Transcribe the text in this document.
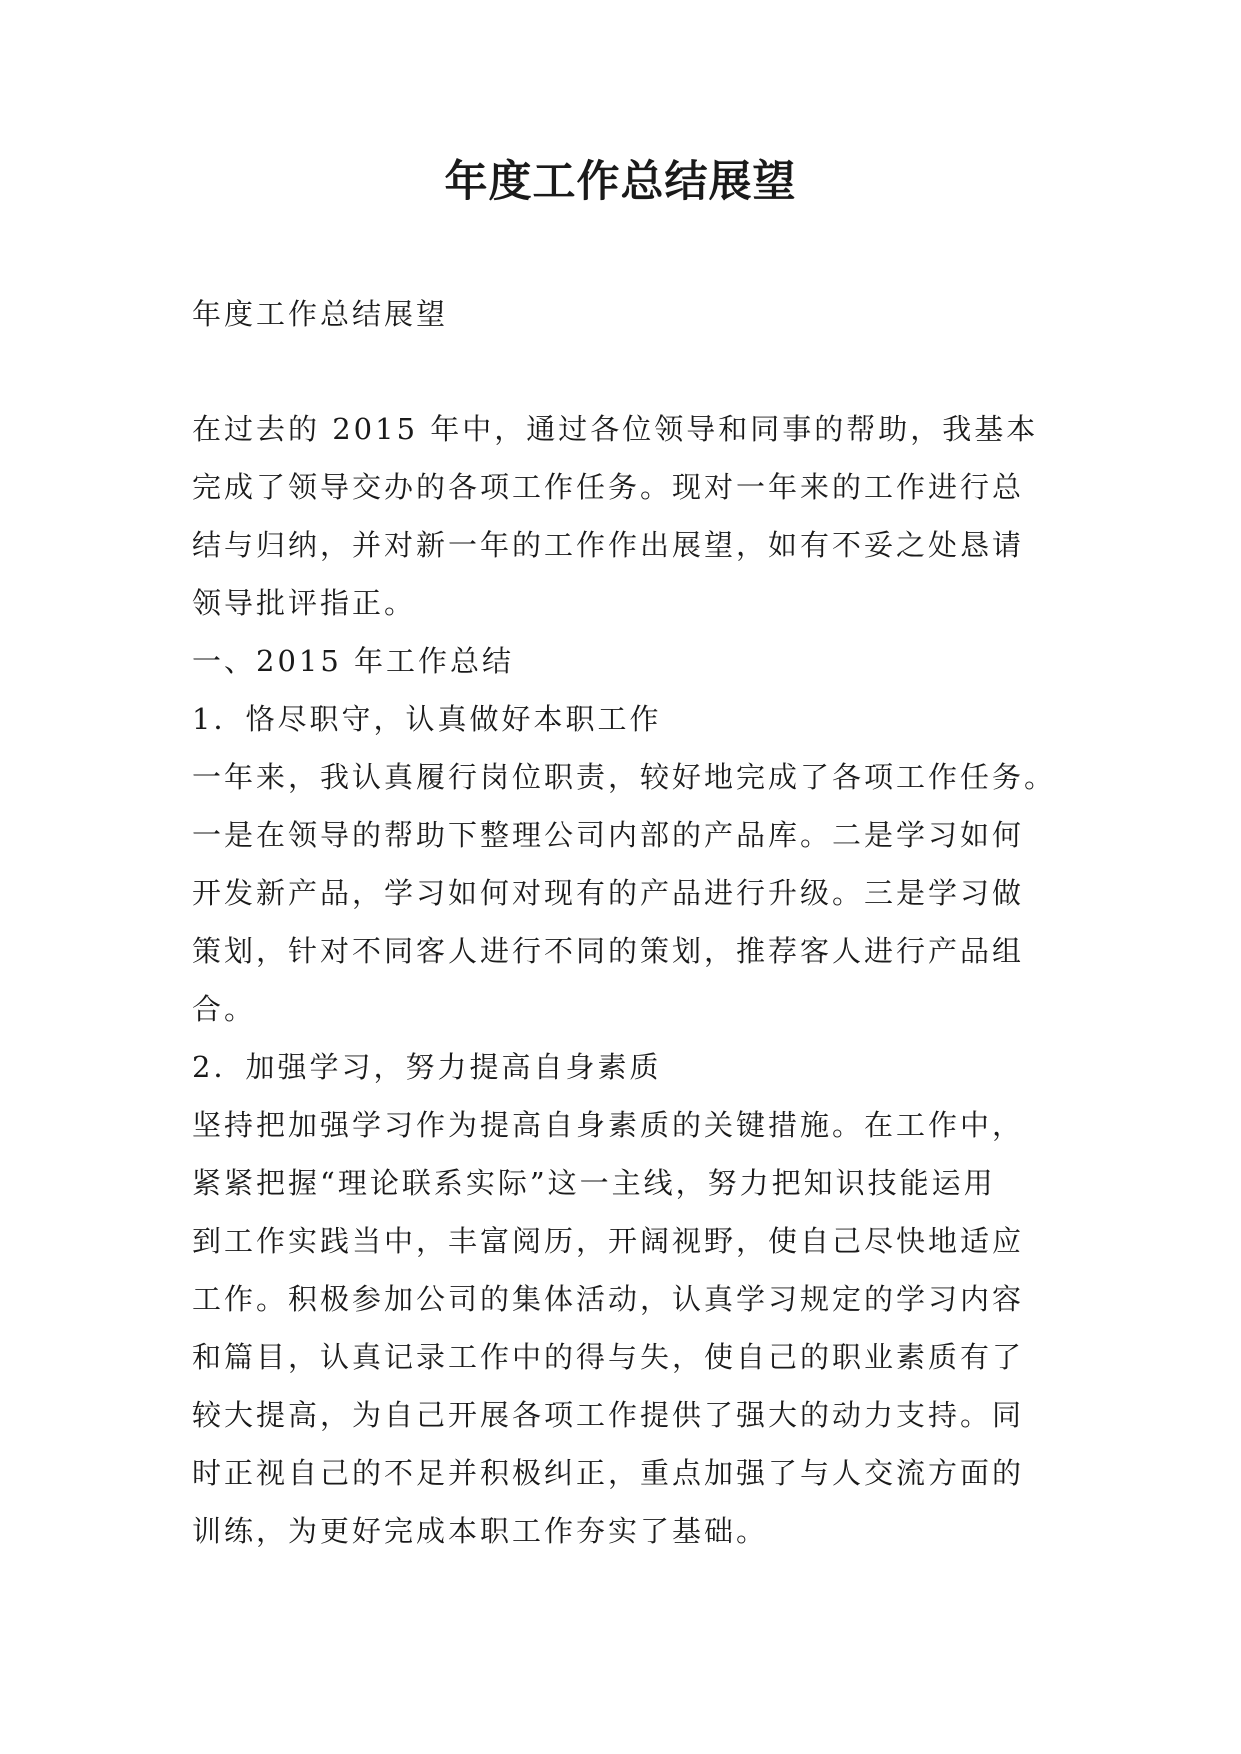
年度工作总结展望

年度工作总结展望

在过去的 2015 年中，通过各位领导和同事的帮助，我基本
完成了领导交办的各项工作任务。现对一年来的工作进行总
结与归纳，并对新一年的工作作出展望，如有不妥之处恳请
领导批评指正。
一、2015 年工作总结
1．恪尽职守，认真做好本职工作
一年来，我认真履行岗位职责，较好地完成了各项工作任务。
一是在领导的帮助下整理公司内部的产品库。二是学习如何
开发新产品，学习如何对现有的产品进行升级。三是学习做
策划，针对不同客人进行不同的策划，推荐客人进行产品组
合。
2．加强学习，努力提高自身素质
坚持把加强学习作为提高自身素质的关键措施。在工作中，
紧紧把握“理论联系实际”这一主线，努力把知识技能运用
到工作实践当中，丰富阅历，开阔视野，使自己尽快地适应
工作。积极参加公司的集体活动，认真学习规定的学习内容
和篇目，认真记录工作中的得与失，使自己的职业素质有了
较大提高，为自己开展各项工作提供了强大的动力支持。同
时正视自己的不足并积极纠正，重点加强了与人交流方面的
训练，为更好完成本职工作夯实了基础。
